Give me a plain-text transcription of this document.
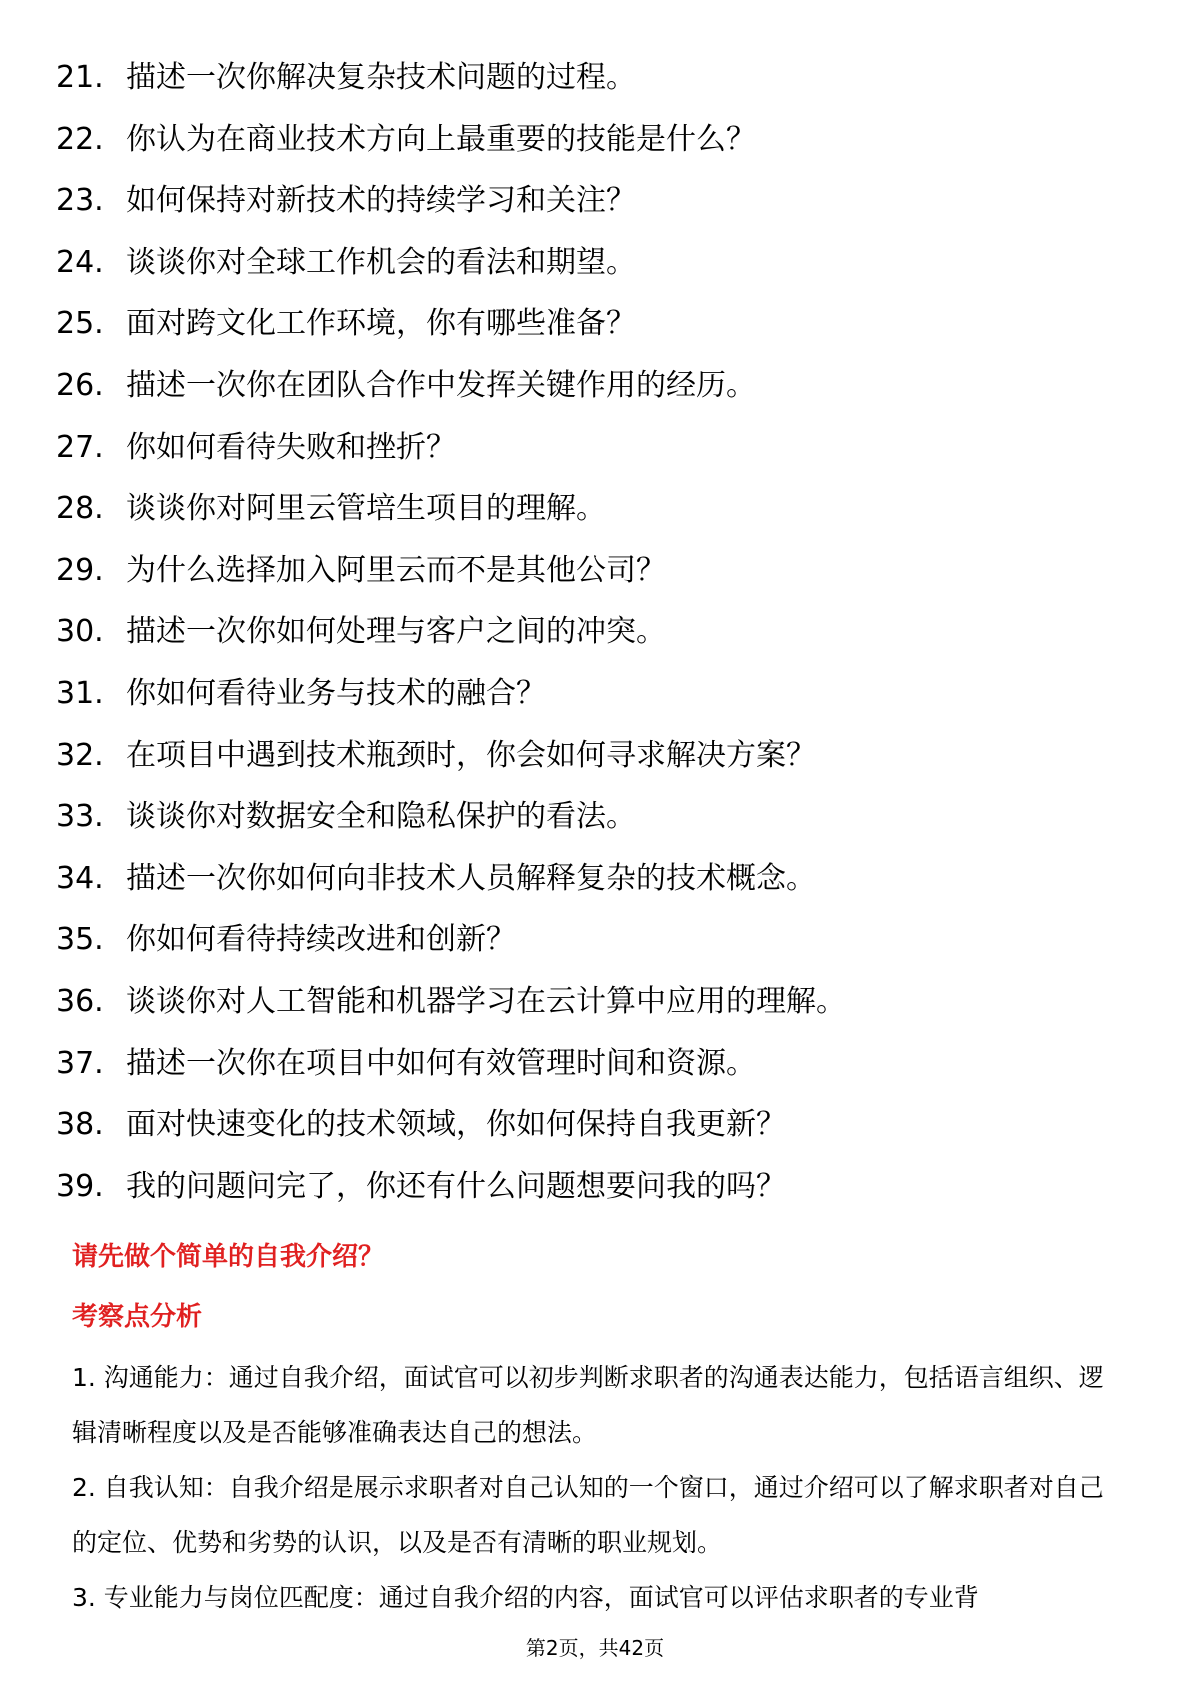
21. 描述一次你解决复杂技术问题的过程。
22. 你认为在商业技术方向上最重要的技能是什么？
23. 如何保持对新技术的持续学习和关注？
24. 谈谈你对全球工作机会的看法和期望。
25. 面对跨文化工作环境，你有哪些准备？
26. 描述一次你在团队合作中发挥关键作用的经历。
27. 你如何看待失败和挫折？
28. 谈谈你对阿里云管培生项目的理解。
29. 为什么选择加入阿里云而不是其他公司？
30. 描述一次你如何处理与客户之间的冲突。
31. 你如何看待业务与技术的融合？
32. 在项目中遇到技术瓶颈时，你会如何寻求解决方案？
33. 谈谈你对数据安全和隐私保护的看法。
34. 描述一次你如何向非技术人员解释复杂的技术概念。
35. 你如何看待持续改进和创新？
36. 谈谈你对人工智能和机器学习在云计算中应用的理解。
37. 描述一次你在项目中如何有效管理时间和资源。
38. 面对快速变化的技术领域，你如何保持自我更新？
39. 我的问题问完了，你还有什么问题想要问我的吗？
请先做个简单的自我介绍？
考察点分析

1. 沟通能力：通过自我介绍，面试官可以初步判断求职者的沟通表达能力，包括语言组织、逻辑清晰程度以及是否能够准确表达自己的想法。

2. 自我认知：自我介绍是展示求职者对自己认知的一个窗口，通过介绍可以了解求职者对自己的定位、优势和劣势的认识，以及是否有清晰的职业规划。

3. 专业能力与岗位匹配度：通过自我介绍的内容，面试官可以评估求职者的专业背

第2页，共42页
